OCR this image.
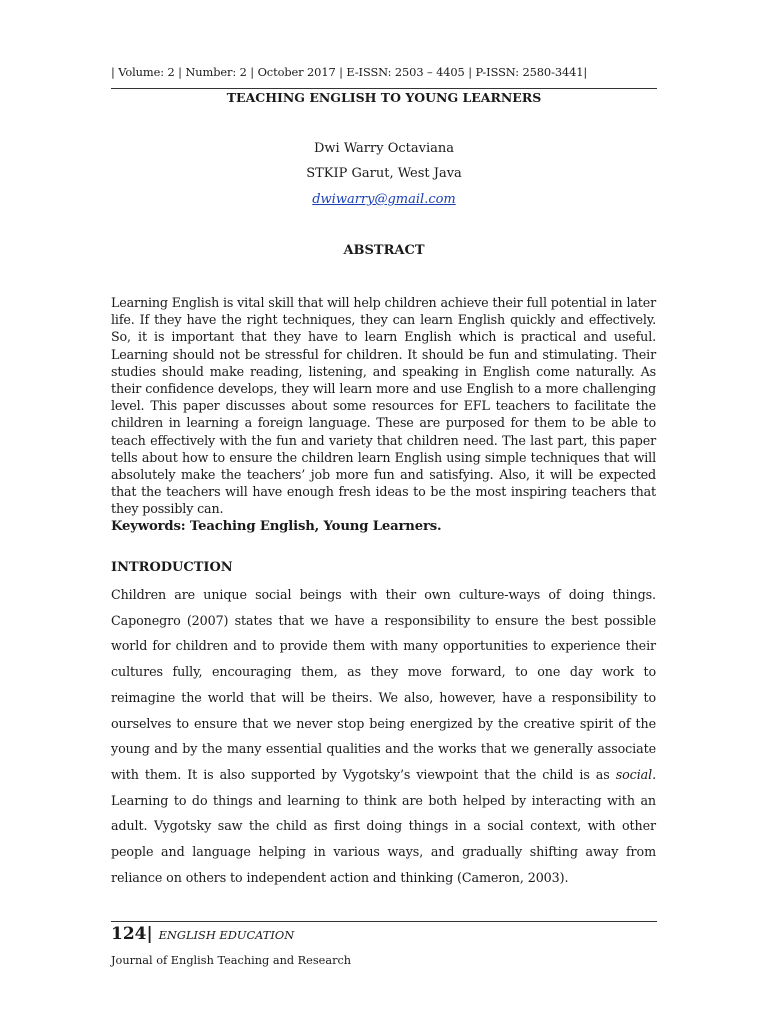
| Volume: 2 | Number: 2 | October 2017 | E-ISSN: 2503 – 4405 | P-ISSN: 2580-3441|
TEACHING ENGLISH TO YOUNG LEARNERS
Dwi Warry Octaviana
STKIP Garut, West Java
dwiwarry@gmail.com
ABSTRACT
Learning English is vital skill that will help children achieve their full potential in later life. If they have the right techniques, they can learn English quickly and effectively. So, it is important that they have to learn English which is practical and useful. Learning should not be stressful for children. It should be fun and stimulating. Their studies should make reading, listening, and speaking in English come naturally. As their confidence develops, they will learn more and use English to a more challenging level. This paper discusses about some resources for EFL teachers to facilitate the children in learning a foreign language. These are purposed for them to be able to teach effectively with the fun and variety that children need. The last part, this paper tells about how to ensure the children learn English using simple techniques that will absolutely make the teachers’ job more fun and satisfying. Also, it will be expected that the teachers will have enough fresh ideas to be the most inspiring teachers that they possibly can.
Keywords: Teaching English, Young Learners.
INTRODUCTION
Children are unique social beings with their own culture-ways of doing things. Caponegro (2007) states that we have a responsibility to ensure the best possible world for children and to provide them with many opportunities to experience their cultures fully, encouraging them, as they move forward, to one day work to reimagine the world that will be theirs. We also, however, have a responsibility to ourselves to ensure that we never stop being energized by the creative spirit of the young and by the many essential qualities and the works that we generally associate with them. It is also supported by Vygotsky’s viewpoint that the child is as social. Learning to do things and learning to think are both helped by interacting with an adult. Vygotsky saw the child as first doing things in a social context, with other people and language helping in various ways, and gradually shifting away from reliance on others to independent action and thinking (Cameron, 2003).
124| ENGLISH EDUCATION
Journal of English Teaching and Research
